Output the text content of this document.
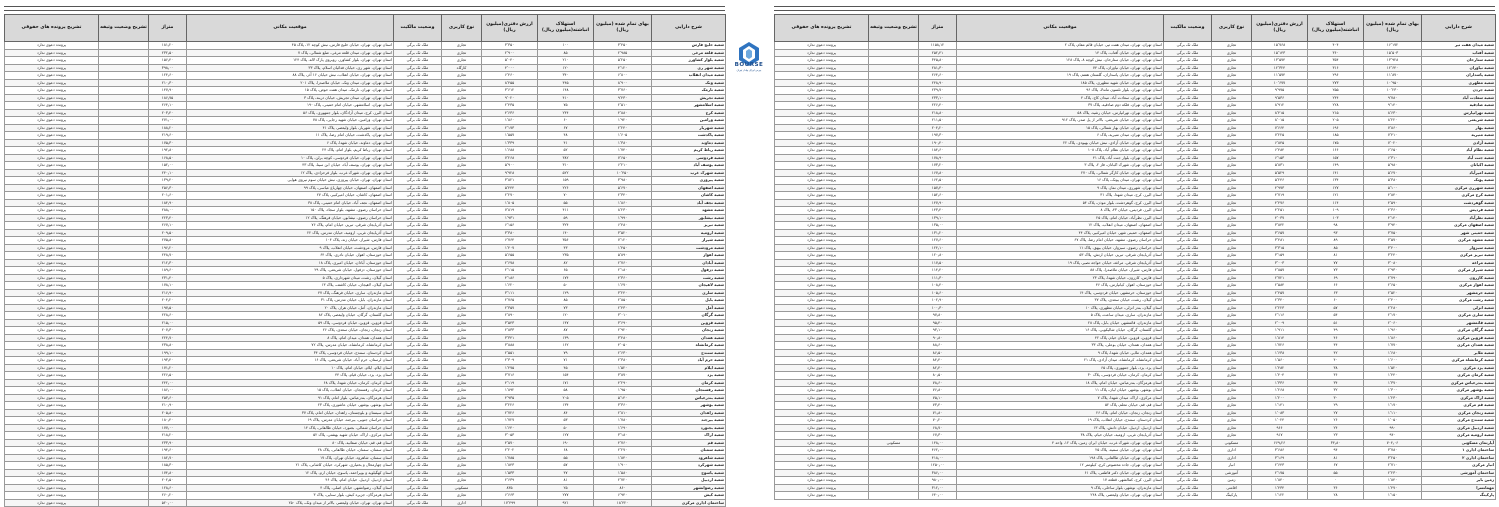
شرح دارایی	بهای تمام شده (میلیون ریال)	استهلاک انباشته(میلیون ریال)	ارزش دفتری(میلیون ریال)	نوع کاربری	وضعیت مالکیت	موقعیت مکانی	متراژ	تشریح وضعیت وثیقه	تشریح پرونده های حقوقی
شعبه خلیج فارس	۳٬۴۵۰	۱۰۰	۳٬۳۵۰	تجاری	ملک تک برگی	استان تهران، تهران، خیابان خلیج فارس، نبش کوچه ۱۲، پلاک ۴۵	۱۸۱٫۲۰		پرونده دعوی ندارد
شعبه قلعه مرغی	۲٬۹۸۵	۸۵	۲٬۹۰۰	تجاری	ملک تک برگی	استان تهران، تهران، میدان قلعه مرغی، ضلع شمالی، پلاک ۷	۲۳۲٫۵۰		پرونده دعوی ندارد
شعبه بلوار کشاورز	۵٬۲۵۰	۲۱۰	۵٬۰۴۰	تجاری	ملک تک برگی	استان تهران، تهران، بلوار کشاورز، روبروی پارک لاله، پلاک ۱۲۴	۱۵۶٫۴۰		پرونده دعوی ندارد
شعبه شهر ری	۴٬۱۲۰	۱۲۰	۴٬۰۰۰	کارگاه	ملک تک برگی	استان تهران، شهر ری، خیابان فدائیان اسلام، پلاک ۳۳	۳۹۸٫۰۰		پرونده دعوی ندارد
شعبه میدان انقلاب	۶٬۸۰۰	۳۴۰	۶٬۴۶۰	تجاری	ملک تک برگی	استان تهران، تهران، خیابان انقلاب، نبش خیابان ۱۶ آذر، پلاک ۸۸	۱۲۴٫۶۰		پرونده دعوی ندارد
شعبه ونک	۸٬۹۰۰	۴۴۵	۸٬۴۵۵	تجاری	ملک تک برگی	استان تهران، تهران، میدان ونک، خیابان ملاصدرا، پلاک ۲۰۱	۲۱۰٫۳۰		پرونده دعوی ندارد
شعبه نارمک	۳٬۷۶۰	۱۴۸	۳٬۶۱۲	تجاری	ملک تک برگی	استان تهران، تهران، نارمک، میدان هفت حوض، پلاک ۱۵	۱۴۷٫۹۰		پرونده دعوی ندارد
شعبه تجریش	۹٬۴۳۰	۴۱۰	۹٬۰۲۰	تجاری	ملک تک برگی	استان تهران، تهران، میدان تجریش، خیابان دربند، پلاک ۳	۱۸۶٫۷۵		پرونده دعوی ندارد
شعبه اسلامشهر	۲٬۵۱۰	۷۵	۲٬۴۳۵	تجاری	ملک تک برگی	استان تهران، اسلامشهر، خیابان امام خمینی، پلاک ۱۹۰	۲۶۴٫۱۰		پرونده دعوی ندارد
شعبه کرج	۴٬۸۸۰	۲۴۴	۴٬۶۳۶	تجاری	ملک تک برگی	استان البرز، کرج، میدان آزادگان، بلوار جمهوری، پلاک ۵۶	۲۰۳٫۴۰		پرونده دعوی ندارد
شعبه ورامین	۱٬۹۲۰	۶۰	۱٬۸۶۰	تجاری	ملک تک برگی	استان تهران، ورامین، خیابان شهید رجایی، پلاک ۷۸	۲۷۱٫۰۰		پرونده دعوی ندارد
شعبه شهریار	۲٬۲۴۰	۶۷	۲٬۱۷۳	تجاری	ملک تک برگی	استان تهران، شهریار، بلوار ولیعصر، پلاک ۴۱	۱۸۸٫۲۰		پرونده دعوی ندارد
شعبه پاکدشت	۱٬۶۰۵	۴۸	۱٬۵۵۷	تجاری	ملک تک برگی	استان تهران، پاکدشت، خیابان امام رضا، پلاک ۱۱	۲۱۹٫۶۰		پرونده دعوی ندارد
شعبه دماوند	۱٬۳۸۰	۴۱	۱٬۳۳۹	تجاری	ملک تک برگی	استان تهران، دماوند، خیابان شهدا، پلاک ۶	۱۷۵٫۳۰		پرونده دعوی ندارد
شعبه رباط کریم	۱٬۷۴۰	۵۲	۱٬۶۸۸	تجاری	ملک تک برگی	استان تهران، رباط کریم، بلوار امام، پلاک ۲۴	۱۹۲٫۸۰		پرونده دعوی ندارد
شعبه فردوسی	۷٬۶۵۰	۳۸۲	۷٬۲۶۸	تجاری	ملک تک برگی	استان تهران، تهران، خیابان فردوسی، کوچه برلن، پلاک ۱۰	۱۶۸٫۵۰		پرونده دعوی ندارد
شعبه یوسف آباد	۶٬۲۱۰	۳۱۰	۵٬۹۰۰	تجاری	ملک تک برگی	استان تهران، تهران، یوسف آباد، خیابان ابن سینا، پلاک ۴۳	۱۵۲٫۰۰		پرونده دعوی ندارد
شعبه شهرک غرب	۱۰٬۴۵۰	۵۲۲	۹٬۹۲۸	تجاری	ملک تک برگی	استان تهران، تهران، شهرک غرب، بلوار فرحزادی، پلاک ۱۲	۲۴۰٫۱۰		پرونده دعوی ندارد
شعبه پیروزی	۳٬۹۸۰	۱۵۹	۳٬۸۲۱	تجاری	ملک تک برگی	استان تهران، تهران، خیابان پیروزی، نبش خیابان سوم نیروی هوایی	۱۳۹٫۴۰		پرونده دعوی ندارد
شعبه اصفهان	۵٬۶۷۰	۲۲۶	۵٬۴۴۴	تجاری	ملک تک برگی	استان اصفهان، اصفهان، خیابان چهارباغ عباسی، پلاک ۹۹	۲۵۶٫۳۰		پرونده دعوی ندارد
شعبه کاشان	۲٬۳۴۰	۷۰	۲٬۲۷۰	تجاری	ملک تک برگی	استان اصفهان، کاشان، خیابان امیرکبیر، پلاک ۲۷	۲۰۱٫۶۰		پرونده دعوی ندارد
شعبه نجف آباد	۱٬۸۶۰	۵۵	۱٬۸۰۵	تجاری	ملک تک برگی	استان اصفهان، نجف آباد، خیابان امام خمینی، پلاک ۳۸	۱۸۴٫۹۰		پرونده دعوی ندارد
شعبه مشهد	۸٬۲۳۰	۴۱۱	۷٬۸۱۹	تجاری	ملک تک برگی	استان خراسان رضوی، مشهد، بلوار سجاد، پلاک ۱۵۰	۲۸۸٫۰۰		پرونده دعوی ندارد
شعبه نیشابور	۱٬۹۹۰	۵۹	۱٬۹۳۱	تجاری	ملک تک برگی	استان خراسان رضوی، نیشابور، خیابان فرهنگ، پلاک ۱۲	۲۲۳٫۴۰		پرونده دعوی ندارد
شعبه تبریز	۶٬۴۸۰	۳۲۴	۶٬۱۵۶	تجاری	ملک تک برگی	استان آذربایجان شرقی، تبریز، خیابان امام، پلاک ۷۶	۲۶۷٫۱۰		پرونده دعوی ندارد
شعبه ارومیه	۳٬۵۲۰	۱۴۰	۳٬۳۸۰	تجاری	ملک تک برگی	استان آذربایجان غربی، ارومیه، خیابان مدرس، پلاک ۲۲	۲۰۹٫۵۰		پرونده دعوی ندارد
شعبه شیراز	۷٬۱۲۰	۳۵۶	۶٬۷۶۴	تجاری	ملک تک برگی	استان فارس، شیراز، خیابان زند، پلاک ۱۰۴	۲۷۵٫۸۰		پرونده دعوی ندارد
شعبه مرودشت	۱٬۴۵۰	۴۳	۱٬۴۰۷	تجاری	ملک تک برگی	استان فارس، مرودشت، خیابان انقلاب، پلاک ۹	۱۹۶٫۲۰		پرونده دعوی ندارد
شعبه اهواز	۵٬۸۹۰	۲۳۵	۵٬۶۵۵	تجاری	ملک تک برگی	استان خوزستان، اهواز، خیابان نادری، پلاک ۶۴	۲۴۸٫۷۰		پرونده دعوی ندارد
شعبه آبادان	۲٬۷۶۰	۸۲	۲٬۶۷۸	تجاری	ملک تک برگی	استان خوزستان، آبادان، خیابان امیری، پلاک ۱۸	۲۱۲٫۳۰		پرونده دعوی ندارد
شعبه دزفول	۲٬۱۸۰	۶۵	۲٬۱۱۵	تجاری	ملک تک برگی	استان خوزستان، دزفول، خیابان شریعتی، پلاک ۲۹	۱۸۹٫۶۰		پرونده دعوی ندارد
شعبه رشت	۴٬۳۶۰	۱۷۴	۴٬۱۸۶	تجاری	ملک تک برگی	استان گیلان، رشت، میدان شهرداری، پلاک ۵	۲۳۱٫۴۰		پرونده دعوی ندارد
شعبه لاهیجان	۱٬۶۷۰	۵۰	۱٬۶۲۰	تجاری	ملک تک برگی	استان گیلان، لاهیجان، خیابان کاشف، پلاک ۱۳	۱۷۸٫۱۰		پرونده دعوی ندارد
شعبه ساری	۳٬۲۴۰	۱۲۹	۳٬۱۱۱	تجاری	ملک تک برگی	استان مازندران، ساری، خیابان فرهنگ، پلاک ۴۷	۲۱۶٫۹۰		پرونده دعوی ندارد
شعبه بابل	۲٬۸۵۰	۸۵	۲٬۷۶۵	تجاری	ملک تک برگی	استان مازندران، بابل، خیابان مدرس، پلاک ۳۱	۲۰۴٫۲۰		پرونده دعوی ندارد
شعبه آمل	۲٬۴۳۰	۷۳	۲٬۳۵۷	تجاری	ملک تک برگی	استان مازندران، آمل، خیابان هراز، پلاک ۲۰	۱۹۷٫۵۰		پرونده دعوی ندارد
شعبه گرگان	۳٬۰۱۰	۱۲۰	۲٬۸۹۰	تجاری	ملک تک برگی	استان گلستان، گرگان، خیابان ولیعصر، پلاک ۸۲	۲۲۸٫۶۰		پرونده دعوی ندارد
شعبه قزوین	۳٬۶۹۰	۱۴۷	۳٬۵۴۳	تجاری	ملک تک برگی	استان قزوین، قزوین، خیابان فردوسی، پلاک ۵۹	۲۱۵٫۰۰		پرونده دعوی ندارد
شعبه زنجان	۲٬۹۲۰	۸۷	۲٬۸۳۳	تجاری	ملک تک برگی	استان زنجان، زنجان، خیابان سعدی، پلاک ۲۶	۲۰۷٫۳۰		پرونده دعوی ندارد
شعبه همدان	۳٬۴۸۰	۱۳۹	۳٬۳۴۱	تجاری	ملک تک برگی	استان همدان، همدان، میدان امام، پلاک ۸	۲۲۴٫۷۰		پرونده دعوی ندارد
شعبه کرمانشاه	۴٬۰۵۰	۱۶۲	۳٬۸۸۸	تجاری	ملک تک برگی	استان کرمانشاه، کرمانشاه، خیابان مدرس، پلاک ۷۲	۲۳۸٫۸۰		پرونده دعوی ندارد
شعبه سنندج	۲٬۶۳۰	۷۹	۲٬۵۵۱	تجاری	ملک تک برگی	استان کردستان، سنندج، خیابان فردوسی، پلاک ۳۴	۱۹۹٫۱۰		پرونده دعوی ندارد
شعبه خرم آباد	۲٬۳۸۰	۷۱	۲٬۳۰۹	تجاری	ملک تک برگی	استان لرستان، خرم آباد، خیابان شریعتی، پلاک ۱۶	۱۹۳٫۴۰		پرونده دعوی ندارد
شعبه ایلام	۱٬۵۲۰	۴۵	۱٬۴۷۵	تجاری	ملک تک برگی	استان ایلام، ایلام، خیابان امام، پلاک ۱۰	۱۷۱٫۲۰		پرونده دعوی ندارد
شعبه یزد	۳٬۸۷۰	۱۵۴	۳٬۷۱۶	تجاری	ملک تک برگی	استان یزد، یزد، خیابان قیام، پلاک ۴۴	۲۲۶٫۵۰		پرونده دعوی ندارد
شعبه کرمان	۴٬۲۹۰	۱۷۱	۴٬۱۱۹	تجاری	ملک تک برگی	استان کرمان، کرمان، خیابان شهدا، پلاک ۶۸	۲۴۲٫۰۰		پرونده دعوی ندارد
شعبه رفسنجان	۱٬۹۵۰	۵۸	۱٬۸۹۲	تجاری	ملک تک برگی	استان کرمان، رفسنجان، خیابان انقلاب، پلاک ۱۵	۱۸۶٫۰۰		پرونده دعوی ندارد
شعبه بندرعباس	۵٬۱۴۰	۲۰۵	۴٬۹۳۵	تجاری	ملک تک برگی	استان هرمزگان، بندرعباس، بلوار امام، پلاک ۹۱	۲۵۳٫۶۰		پرونده دعوی ندارد
شعبه بوشهر	۳٬۳۶۰	۱۳۴	۳٬۲۲۶	تجاری	ملک تک برگی	استان بوشهر، بوشهر، خیابان عاشوری، پلاک ۲۳	۲۱۰٫۹۰		پرونده دعوی ندارد
شعبه زاهدان	۲٬۸۱۰	۸۴	۲٬۷۲۶	تجاری	ملک تک برگی	استان سیستان و بلوچستان، زاهدان، خیابان امام، پلاک ۳۷	۲۰۵٫۸۰		پرونده دعوی ندارد
شعبه بیرجند	۱٬۷۸۰	۵۳	۱٬۷۲۷	تجاری	ملک تک برگی	استان خراسان جنوبی، بیرجند، خیابان مدرس، پلاک ۱۹	۱۸۰٫۴۰		پرونده دعوی ندارد
شعبه بجنورد	۱٬۶۹۰	۵۰	۱٬۶۴۰	تجاری	ملک تک برگی	استان خراسان شمالی، بجنورد، خیابان طالقانی، پلاک ۱۴	۱۷۷٫۰۰		پرونده دعوی ندارد
شعبه اراک	۳٬۱۸۰	۱۲۷	۳٬۰۵۳	تجاری	ملک تک برگی	استان مرکزی، اراک، خیابان شهید بهشتی، پلاک ۵۲	۲۱۸٫۲۰		پرونده دعوی ندارد
شعبه قم	۴٬۷۶۰	۱۹۰	۴٬۵۷۰	تجاری	ملک تک برگی	استان قم، قم، خیابان صفائیه، پلاک ۸۰	۲۳۳٫۹۰		پرونده دعوی ندارد
شعبه سمنان	۲٬۲۷۰	۶۸	۲٬۲۰۲	تجاری	ملک تک برگی	استان سمنان، سمنان، خیابان طالقانی، پلاک ۲۸	۱۹۴٫۶۰		پرونده دعوی ندارد
شعبه شاهرود	۱٬۸۴۰	۵۵	۱٬۷۸۵	تجاری	ملک تک برگی	استان سمنان، شاهرود، خیابان تهران، پلاک ۱۷	۱۸۲٫۷۰		پرونده دعوی ندارد
شعبه شهرکرد	۱٬۹۰۰	۵۷	۱٬۸۴۳	تجاری	ملک تک برگی	استان چهارمحال و بختیاری، شهرکرد، خیابان کاشانی، پلاک ۲۱	۱۸۵٫۳۰		پرونده دعوی ندارد
شعبه یاسوج	۱٬۵۸۰	۴۷	۱٬۵۳۳	تجاری	ملک تک برگی	استان کهگیلویه و بویراحمد، یاسوج، خیابان ارم، پلاک ۱۲	۱۷۴٫۸۰		پرونده دعوی ندارد
شعبه اردبیل	۲٬۷۲۰	۸۱	۲٬۶۳۹	تجاری	ملک تک برگی	استان اردبیل، اردبیل، خیابان امام، پلاک ۴۶	۲۰۲٫۵۰		پرونده دعوی ندارد
شعبه رضوانشهر	۸۶۰	۲۵	۸۳۵	مسکونی	ملک تک برگی	استان گیلان، رضوانشهر، خیابان اصلی، پلاک ۴	۱۲۸٫۶۰		پرونده دعوی ندارد
شعبه کیش	۶٬۹۴۰	۲۷۷	۶٬۶۶۳	تجاری	ملک تک برگی	استان هرمزگان، جزیره کیش، بلوار سنایی، پلاک ۳	۲۶۰٫۲۰		پرونده دعوی ندارد
ساختمان اداری مرکزی	۱۸٬۴۲۰	۹۲۱	۱۷٬۴۹۹	اداری	ملک تک برگی	استان تهران، تهران، خیابان ولیعصر، بالاتر از میدان ونک، پلاک ۲۵۰	۵۲۰٫۰۰		پرونده دعوی ندارد
BOURSE
بورس اوراق بهادار تهران
شرح دارایی	بهای تمام شده (میلیون ریال)	استهلاک انباشته(میلیون ریال)	ارزش دفتری(میلیون ریال)	نوع کاربری	وضعیت مالکیت	موقعیت مکانی	متراژ	تشریح وضعیت وثیقه	تشریح پرونده های حقوقی
شعبه میدان هفت تیر	۱۶٬۱۷۲	۴۰۴	۱۵٬۷۶۸	تجاری	ملک تک برگی	استان تهران، تهران، میدان هفت تیر، خیابان قائم مقام، پلاک ۲	۱۱۵۸٫۱۲		پرونده دعوی ندارد
شعبه آفتاب	۱۵٬۵۰۳	۳۶۰	۱۵٬۱۴۳	تجاری	ملک تک برگی	استان تهران، تهران، خیابان آفتاب، پلاک ۱۴	۲۵۲٫۴۱		پرونده دعوی ندارد
شعبه ستارخان	۱۳٬۹۲۸	۳۵۴	۱۳٬۵۷۴	تجاری	ملک تک برگی	استان تهران، تهران، خیابان ستارخان، نبش کوچه ۸، پلاک ۱۲۸	۳۴۵٫۸۰		پرونده دعوی ندارد
شعبه نیاوران	۱۲٬۶۴۰	۳۱۶	۱۲٬۳۲۴	تجاری	ملک تک برگی	استان تهران، تهران، خیابان نیاوران، پلاک ۷۴	۲۸۱٫۳۰		پرونده دعوی ندارد
شعبه پاسداران	۱۱٬۸۷۰	۲۹۶	۱۱٬۵۷۴	تجاری	ملک تک برگی	استان تهران، تهران، خیابان پاسداران، گلستان هفتم، پلاک ۱۹	۲۶۴٫۶۰		پرونده دعوی ندارد
شعبه مطهری	۱۰٬۹۵۰	۲۷۳	۱۰٬۶۷۷	تجاری	ملک تک برگی	استان تهران، تهران، خیابان شهید مطهری، پلاک ۱۸۵	۲۴۸٫۹۰		پرونده دعوی ندارد
شعبه جردن	۱۰٬۲۳۰	۲۵۵	۹٬۹۷۵	تجاری	ملک تک برگی	استان تهران، تهران، بلوار نلسون ماندلا، پلاک ۹۶	۲۳۹٫۷۰		پرونده دعوی ندارد
شعبه سعادت آباد	۹٬۷۸۰	۲۴۴	۹٬۵۳۶	تجاری	ملک تک برگی	استان تهران، تهران، سعادت آباد، میدان کاج، پلاک ۴	۲۳۳٫۱۰		پرونده دعوی ندارد
شعبه صادقیه	۹٬۱۴۰	۲۲۸	۸٬۹۱۲	تجاری	ملک تک برگی	استان تهران، تهران، فلکه دوم صادقیه، پلاک ۳۷	۲۲۶٫۴۰		پرونده دعوی ندارد
شعبه تهرانپارس	۸٬۶۳۰	۲۱۵	۸٬۴۱۵	تجاری	ملک تک برگی	استان تهران، تهران، تهرانپارس، خیابان رشید، پلاک ۵۸	۲۱۸٫۸۰		پرونده دعوی ندارد
شعبه شریعتی	۸٬۲۲۰	۲۰۵	۸٬۰۱۵	تجاری	ملک تک برگی	استان تهران، تهران، خیابان شریعتی، بالاتر از پل صدر، پلاک ۹۱۲	۲۱۱٫۵۰		پرونده دعوی ندارد
شعبه بهار	۷٬۸۶۰	۱۹۶	۷٬۶۶۴	تجاری	ملک تک برگی	استان تهران، تهران، خیابان بهار شمالی، پلاک ۱۵	۲۰۴٫۲۰		پرونده دعوی ندارد
شعبه منیریه	۷٬۴۱۰	۱۸۵	۷٬۲۲۵	تجاری	ملک تک برگی	استان تهران، تهران، میدان منیریه، پلاک ۶	۱۹۷٫۳۰		پرونده دعوی ندارد
شعبه آزادی	۷٬۰۲۰	۱۷۵	۶٬۸۴۵	تجاری	ملک تک برگی	استان تهران، تهران، خیابان آزادی، نبش خیابان بهبودی، پلاک ۲۲	۱۹۰٫۴۰		پرونده دعوی ندارد
شعبه نظام آباد	۶٬۶۵۰	۱۶۶	۶٬۴۸۴	تجاری	ملک تک برگی	استان تهران، تهران، خیابان نظام آباد، پلاک ۱۰۸	۱۸۴٫۶۰		پرونده دعوی ندارد
شعبه جنت آباد	۶٬۳۱۰	۱۵۷	۶٬۱۵۳	تجاری	ملک تک برگی	استان تهران، تهران، بلوار جنت آباد، پلاک ۴۱	۱۷۸٫۹۰		پرونده دعوی ندارد
شعبه اکباتان	۵٬۹۸۰	۱۴۹	۵٬۸۳۱	تجاری	ملک تک برگی	استان تهران، تهران، شهرک اکباتان، فاز ۲، پلاک ۳	۱۷۳٫۲۰		پرونده دعوی ندارد
شعبه امیرآباد	۵٬۶۷۰	۱۴۱	۵٬۵۲۹	تجاری	ملک تک برگی	استان تهران، تهران، خیابان کارگر شمالی، پلاک ۲۷۰	۱۶۷٫۸۰		پرونده دعوی ندارد
شعبه پونک	۵٬۳۸۰	۱۳۴	۵٬۲۴۶	تجاری	ملک تک برگی	استان تهران، تهران، میدان پونک، پلاک ۱۶	۱۶۲٫۵۰		پرونده دعوی ندارد
شعبه شهرری مرکزی	۵٬۱۰۰	۱۲۷	۴٬۹۷۳	تجاری	ملک تک برگی	استان تهران، شهرری، میدان نماز، پلاک ۹	۱۵۷٫۴۰		پرونده دعوی ندارد
شعبه کرج مرکزی	۴٬۸۴۰	۱۲۱	۴٬۷۱۹	تجاری	ملک تک برگی	استان البرز، کرج، میدان شهدا، پلاک ۳۱	۱۵۲٫۶۰		پرونده دعوی ندارد
شعبه گوهردشت	۴٬۵۹۰	۱۱۴	۴٬۴۷۶	تجاری	ملک تک برگی	استان البرز، کرج، گوهردشت، بلوار موذن، پلاک ۵۴	۱۴۷٫۹۰		پرونده دعوی ندارد
شعبه فردیس	۴٬۳۶۰	۱۰۹	۴٬۲۵۱	تجاری	ملک تک برگی	استان البرز، فردیس، خیابان ۴۳، پلاک ۸	۱۴۳٫۴۰		پرونده دعوی ندارد
شعبه نظرآباد	۴٬۱۴۰	۱۰۳	۴٬۰۳۷	تجاری	ملک تک برگی	استان البرز، نظرآباد، خیابان امام، پلاک ۲۵	۱۳۹٫۱۰		پرونده دعوی ندارد
شعبه اصفهان مرکزی	۳٬۹۴۰	۹۸	۳٬۸۴۲	تجاری	ملک تک برگی	استان اصفهان، اصفهان، میدان انقلاب، پلاک ۱۲	۱۳۵٫۰۰		پرونده دعوی ندارد
شعبه خمینی شهر	۳٬۷۵۰	۹۳	۳٬۶۵۷	تجاری	ملک تک برگی	استان اصفهان، خمینی شهر، خیابان امیرکبیر، پلاک ۴۴	۱۳۱٫۲۰		پرونده دعوی ندارد
شعبه مشهد مرکزی	۳٬۵۷۰	۸۹	۳٬۴۸۱	تجاری	ملک تک برگی	استان خراسان رضوی، مشهد، خیابان امام رضا، پلاک ۶۷	۱۲۷٫۶۰		پرونده دعوی ندارد
شعبه سبزوار	۳٬۴۰۰	۸۵	۳٬۳۱۵	تجاری	ملک تک برگی	استان خراسان رضوی، سبزوار، خیابان بیهق، پلاک ۱۱	۱۲۴٫۱۰		پرونده دعوی ندارد
شعبه تبریز مرکزی	۳٬۲۴۰	۸۱	۳٬۱۵۹	تجاری	ملک تک برگی	استان آذربایجان شرقی، تبریز، خیابان ارتش، پلاک ۵۳	۱۲۰٫۸۰		پرونده دعوی ندارد
شعبه مراغه	۳٬۰۸۰	۷۷	۳٬۰۰۳	تجاری	ملک تک برگی	استان آذربایجان شرقی، مراغه، خیابان خواجه نصیر، پلاک ۱۹	۱۱۷٫۵۰		پرونده دعوی ندارد
شعبه شیراز مرکزی	۲٬۹۳۰	۷۳	۲٬۸۵۷	تجاری	ملک تک برگی	استان فارس، شیراز، خیابان ملاصدرا، پلاک ۸۸	۱۱۴٫۴۰		پرونده دعوی ندارد
شعبه کازرون	۲٬۷۹۰	۶۹	۲٬۷۲۱	تجاری	ملک تک برگی	استان فارس، کازرون، خیابان شهدا، پلاک ۲۳	۱۱۱٫۳۰		پرونده دعوی ندارد
شعبه اهواز مرکزی	۲٬۶۵۰	۶۶	۲٬۵۸۴	تجاری	ملک تک برگی	استان خوزستان، اهواز، کیانپارس، پلاک ۴۶	۱۰۸٫۴۰		پرونده دعوی ندارد
شعبه خرمشهر	۲٬۵۲۰	۶۳	۲٬۴۵۷	تجاری	ملک تک برگی	استان خوزستان، خرمشهر، خیابان فردوسی، پلاک ۱۴	۱۰۵٫۶۰		پرونده دعوی ندارد
شعبه رشت مرکزی	۲٬۴۰۰	۶۰	۲٬۳۴۰	تجاری	ملک تک برگی	استان گیلان، رشت، خیابان سعدی، پلاک ۳۷	۱۰۲٫۹۰		پرونده دعوی ندارد
شعبه انزلی	۲٬۲۸۰	۵۷	۲٬۲۲۳	تجاری	ملک تک برگی	استان گیلان، بندر انزلی، خیابان مطهری، پلاک ۱۰	۱۰۰٫۳۰		پرونده دعوی ندارد
شعبه ساری مرکزی	۲٬۱۷۰	۵۴	۲٬۱۱۶	تجاری	ملک تک برگی	استان مازندران، ساری، میدان ساعت، پلاک ۵	۹۷٫۸۰		پرونده دعوی ندارد
شعبه قائمشهر	۲٬۰۶۰	۵۱	۲٬۰۰۹	تجاری	ملک تک برگی	استان مازندران، قائمشهر، خیابان بابل، پلاک ۲۸	۹۵٫۴۰		پرونده دعوی ندارد
شعبه گرگان مرکزی	۱٬۹۶۰	۴۹	۱٬۹۱۱	تجاری	ملک تک برگی	استان گلستان، گرگان، خیابان شالیکوبی، پلاک ۱۶	۹۳٫۱۰		پرونده دعوی ندارد
شعبه قزوین مرکزی	۱٬۸۶۰	۴۶	۱٬۸۱۴	تجاری	ملک تک برگی	استان قزوین، قزوین، خیابان خیام، پلاک ۴۲	۹۰٫۸۰		پرونده دعوی ندارد
شعبه همدان مرکزی	۱٬۷۷۰	۴۴	۱٬۷۲۶	تجاری	ملک تک برگی	استان همدان، همدان، خیابان بوعلی، پلاک ۳۳	۸۸٫۶۰		پرونده دعوی ندارد
شعبه ملایر	۱٬۶۸۰	۴۲	۱٬۶۳۸	تجاری	ملک تک برگی	استان همدان، ملایر، خیابان شهدا، پلاک ۹	۸۶٫۵۰		پرونده دعوی ندارد
شعبه کرمانشاه مرکزی	۱٬۶۰۰	۴۰	۱٬۵۶۰	تجاری	ملک تک برگی	استان کرمانشاه، کرمانشاه، میدان آزادی، پلاک ۲۱	۸۴٫۴۰		پرونده دعوی ندارد
شعبه یزد مرکزی	۱٬۵۲۰	۳۸	۱٬۴۸۲	تجاری	ملک تک برگی	استان یزد، یزد، بلوار جمهوری، پلاک ۶۵	۸۲٫۴۰		پرونده دعوی ندارد
شعبه کرمان مرکزی	۱٬۴۴۰	۳۶	۱٬۴۰۴	تجاری	ملک تک برگی	استان کرمان، کرمان، خیابان فردوسی، پلاک ۳۰	۸۰٫۵۰		پرونده دعوی ندارد
شعبه بندرعباس مرکزی	۱٬۳۷۰	۳۴	۱٬۳۳۶	تجاری	ملک تک برگی	استان هرمزگان، بندرعباس، خیابان امام، پلاک ۱۸	۷۸٫۶۰		پرونده دعوی ندارد
شعبه بوشهر مرکزی	۱٬۳۰۰	۳۲	۱٬۲۶۸	تجاری	ملک تک برگی	استان بوشهر، بوشهر، خیابان لیان، پلاک ۱۱	۷۶٫۸۰		پرونده دعوی ندارد
شعبه اراک مرکزی	۱٬۲۳۰	۳۰	۱٬۲۰۰	تجاری	ملک تک برگی	استان مرکزی، اراک، میدان شهدا، پلاک ۷	۷۵٫۱۰		پرونده دعوی ندارد
شعبه قم مرکزی	۱٬۱۷۰	۲۹	۱٬۱۴۱	تجاری	ملک تک برگی	استان قم، قم، خیابان معلم، پلاک ۵۲	۷۳٫۴۰		پرونده دعوی ندارد
شعبه زنجان مرکزی	۱٬۱۱۰	۲۷	۱٬۰۸۳	تجاری	ملک تک برگی	استان زنجان، زنجان، خیابان امام، پلاک ۲۶	۷۱٫۸۰		پرونده دعوی ندارد
شعبه سنندج مرکزی	۱٬۰۵۰	۲۶	۱٬۰۲۴	تجاری	ملک تک برگی	استان کردستان، سنندج، خیابان انقلاب، پلاک ۱۹	۷۰٫۲۰		پرونده دعوی ندارد
شعبه اردبیل مرکزی	۹۹۰	۲۴	۹۶۶	تجاری	ملک تک برگی	استان اردبیل، اردبیل، خیابان دانش، پلاک ۱۳	۶۸٫۷۰		پرونده دعوی ندارد
شعبه ارومیه مرکزی	۹۴۰	۲۳	۹۱۷	تجاری	ملک تک برگی	استان آذربایجان غربی، ارومیه، خیابان خیام، پلاک ۳۸	۶۷٫۳۰		پرونده دعوی ندارد
آپارتمان مسکونی	۷۰۴٫۰۶	۳۴٫۸۰	۶۶۹٫۲۶	مسکونی	ملک تک برگی	استان تهران، تهران، شهرک غرب، خیابان ایران زمین، پلاک ۱۲، واحد ۴	۱۴۸٫۰۰	مسکونی	پرونده دعوی ندارد
ساختمان اداری ۱	۳٬۷۸۰	۹۴	۳٬۶۸۶	اداری	ملک تک برگی	استان تهران، تهران، خیابان سمیه، پلاک ۲۵	۴۶۲٫۰۰		پرونده دعوی ندارد
ساختمان اداری ۲	۳٬۲۵۰	۸۱	۳٬۱۶۹	اداری	ملک تک برگی	استان تهران، تهران، خیابان طالقانی، پلاک ۱۹۸	۴۱۸٫۰۰		پرونده دعوی ندارد
انبار مرکزی	۲٬۷۱۰	۶۷	۲٬۶۴۳	انبار	ملک تک برگی	استان تهران، تهران، جاده مخصوص کرج، کیلومتر ۱۲	۱۲۵۰٫۰۰		پرونده دعوی ندارد
ساختمان آموزشی	۲٬۲۳۰	۵۵	۲٬۱۷۵	آموزشی	ملک تک برگی	استان تهران، تهران، خیابان دکتر فاطمی، پلاک ۶۱	۳۸۶٫۰۰		پرونده دعوی ندارد
زمین بایر	۱٬۸۴۰	۰	۱٬۸۴۰	زمین	ملک تک برگی	استان البرز، کرج، کمالشهر، قطعه ۱۷	۹۸۰٫۰۰		پرونده دعوی ندارد
مهمانسرا	۱٬۴۷۰	۳۶	۱٬۴۳۴	اقامتی	ملک تک برگی	استان مازندران، نوشهر، بلوار ساحلی، پلاک ۹	۳۱۲٫۰۰		پرونده دعوی ندارد
پارکینگ	۱٬۱۵۰	۲۸	۱٬۱۲۲	پارکینگ	ملک تک برگی	استان تهران، تهران، خیابان ولیعصر، پلاک ۲۴۸	۶۴۰٫۰۰		پرونده دعوی ندارد
